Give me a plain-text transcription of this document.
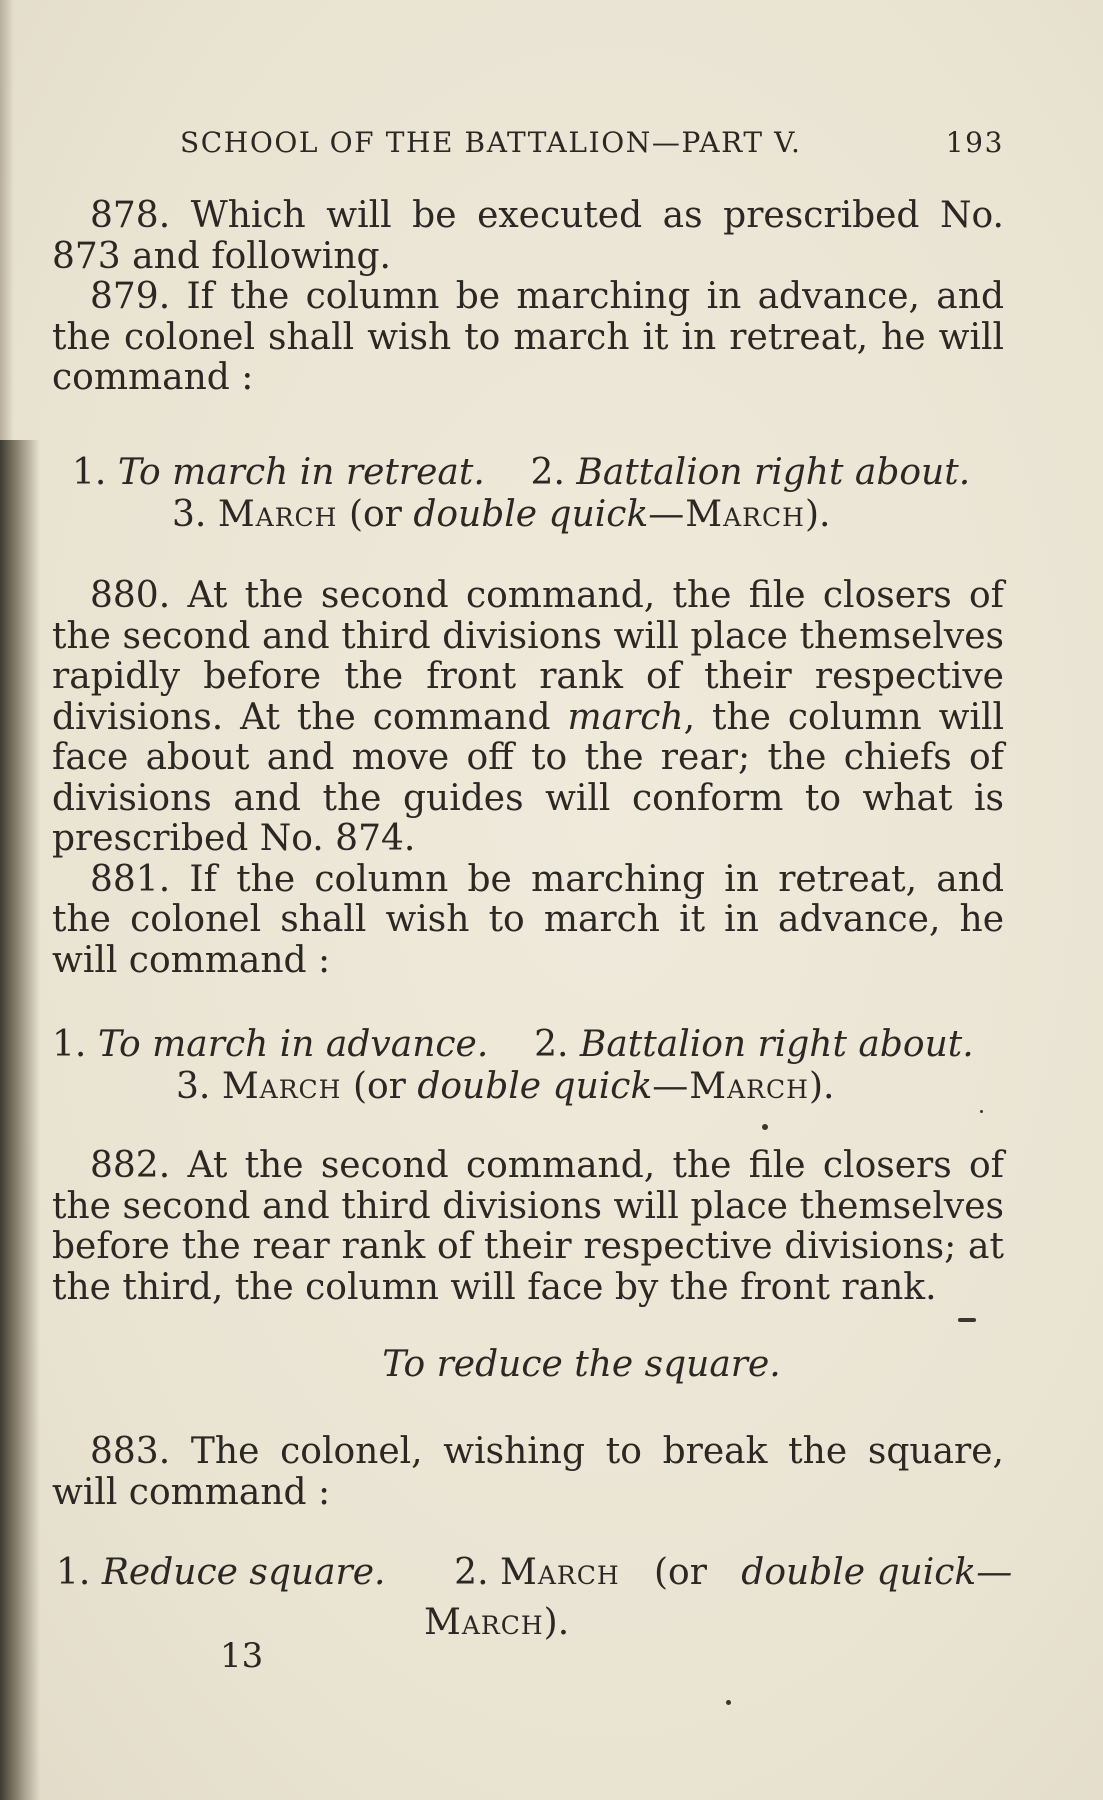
SCHOOL OF THE BATTALION—PART V.	193

878. Which will be executed as prescribed No. 873 and following.

879. If the column be marching in advance, and the colonel shall wish to march it in retreat, he will command :

1. To march in retreat. 2. Battalion right about.
3. March (or double quick—March).

880. At the second command, the file closers of the second and third divisions will place themselves rapidly before the front rank of their respective divisions. At the command march, the column will face about and move off to the rear; the chiefs of divisions and the guides will conform to what is prescribed No. 874.

881. If the column be marching in retreat, and the colonel shall wish to march it in advance, he will command :

1. To march in advance. 2. Battalion right about.
3. March (or double quick—March).

882. At the second command, the file closers of the second and third divisions will place themselves before the rear rank of their respective divisions; at the third, the column will face by the front rank.

To reduce the square.

883. The colonel, wishing to break the square, will command :

1. Reduce square. 2. March (or double quick—
March).
13
